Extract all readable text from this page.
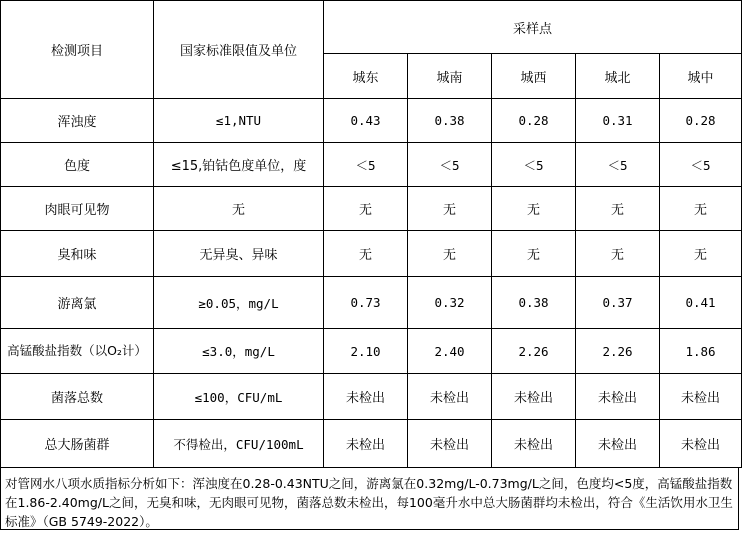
检测项目	国家标准限值及单位	采样点				
		城东	城南	城西	城北	城中
浑浊度	≤1,NTU	0.43	0.38	0.28	0.31	0.28
色度	≤15,铂钴色度单位，度	＜5	＜5	＜5	＜5	＜5
肉眼可见物	无	无	无	无	无	无
臭和味	无异臭、异味	无	无	无	无	无
游离氯	≥0.05，mg/L	0.73	0.32	0.38	0.37	0.41
高锰酸盐指数（以O₂计）	≤3.0，mg/L	2.10	2.40	2.26	2.26	1.86
菌落总数	≤100，CFU/mL	未检出	未检出	未检出	未检出	未检出
总大肠菌群	不得检出，CFU/100mL	未检出	未检出	未检出	未检出	未检出
对管网水八项水质指标分析如下：浑浊度在0.28-0.43NTU之间，游离氯在0.32mg/L-0.73mg/L之间，色度均<5度，高锰酸盐指数在1.86-2.40mg/L之间，无臭和味，无肉眼可见物，菌落总数未检出，每100毫升水中总大肠菌群均未检出，符合《生活饮用水卫生标准》（GB 5749-2022）。
